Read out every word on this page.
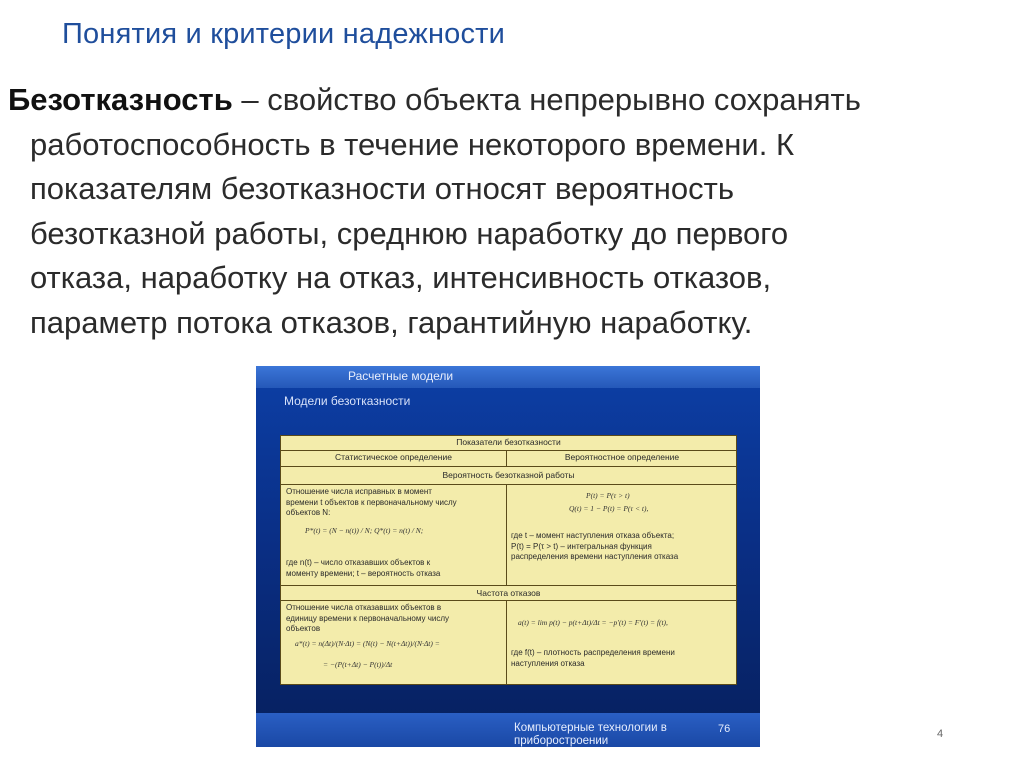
Понятия и критерии надежности
Безотказность – свойство объекта непрерывно сохранять
работоспособность в течение некоторого времени. К
показателям безотказности относят вероятность
безотказной работы, среднюю наработку до первого
отказа, наработку на отказ, интенсивность отказов,
параметр потока отказов, гарантийную наработку.
Расчетные модели
Модели безотказности
Показатели безотказности
Статистическое определение	Вероятностное определение
Вероятность безотказной работы
Отношение числа исправных в момент
времени t объектов к первоначальному числу
объектов N:
P*(t) = (N − n(t)) / N; Q*(t) = n(t) / N;
где n(t) – число отказавших объектов к
моменту времени; t – вероятность отказа
P(t) = P(τ > t)
Q(t) = 1 − P(t) = P(τ < t),
где t – момент наступления отказа объекта;
P(t) = P(τ > t) – интегральная функция
распределения времени наступления отказа
Частота отказов
Отношение числа отказавших объектов в
единицу времени к первоначальному числу
объектов
a*(t) = n(Δt)/(N·Δt) = (N(t) − N(t+Δt))/(N·Δt) =
= −(P(t+Δt) − P(t))/Δt
a(t) = lim p(t) − p(t+Δt)/Δt = −p'(t) = F'(t) = f(t),
где f(t) – плотность распределения времени
наступления отказа
Компьютерные технологии в приборостроении
76	4
